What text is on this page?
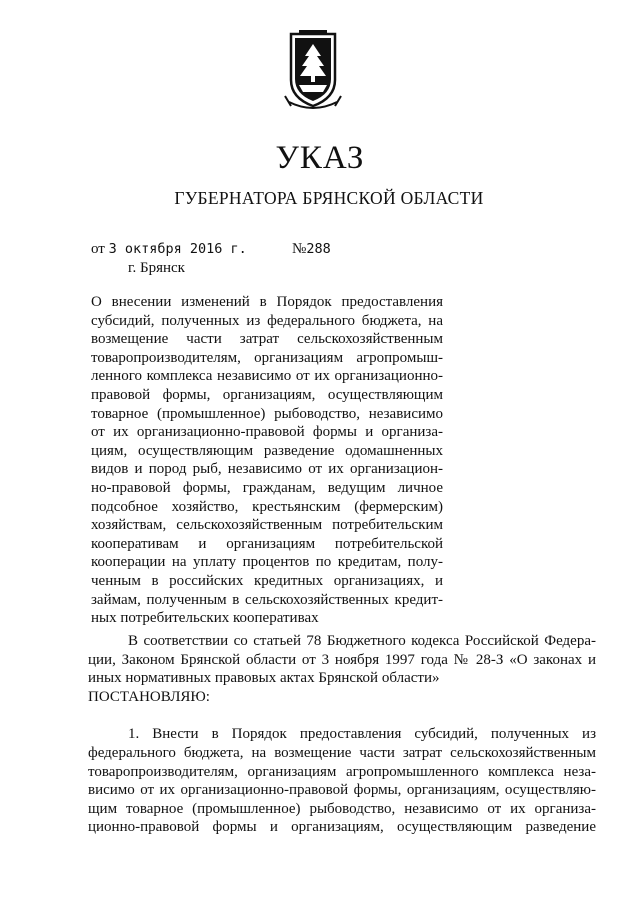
УКАЗ
ГУБЕРНАТОРА БРЯНСКОЙ ОБЛАСТИ
от 3 октября 2016 г.	№288
г. Брянск
О внесении изменений в Порядок предоставления
субсидий, полученных из федерального бюджета, на
возмещение части затрат сельскохозяйственным
товаропроизводителям, организациям агропромыш-
ленного комплекса независимо от их организационно-
правовой формы, организациям, осуществляющим
товарное (промышленное) рыбоводство, независимо
от их организационно-правовой формы и организа-
циям, осуществляющим разведение одомашненных
видов и пород рыб, независимо от их организацион-
но-правовой формы, гражданам, ведущим личное
подсобное хозяйство, крестьянским (фермерским)
хозяйствам, сельскохозяйственным потребительским
кооперативам и организациям потребительской
кооперации на уплату процентов по кредитам, полу-
ченным в российских кредитных организациях, и
займам, полученным в сельскохозяйственных кредит-
ных потребительских кооперативах
В соответствии со статьей 78 Бюджетного кодекса Российской Федера-
ции, Законом Брянской области от 3 ноября 1997 года № 28-З «О законах и
иных нормативных правовых актах Брянской области»
ПОСТАНОВЛЯЮ:
1. Внести в Порядок предоставления субсидий, полученных из
федерального бюджета, на возмещение части затрат сельскохозяйственным
товаропроизводителям, организациям агропромышленного комплекса неза-
висимо от их организационно-правовой формы, организациям, осуществляю-
щим товарное (промышленное) рыбоводство, независимо от их организа-
ционно-правовой формы и организациям, осуществляющим разведение
